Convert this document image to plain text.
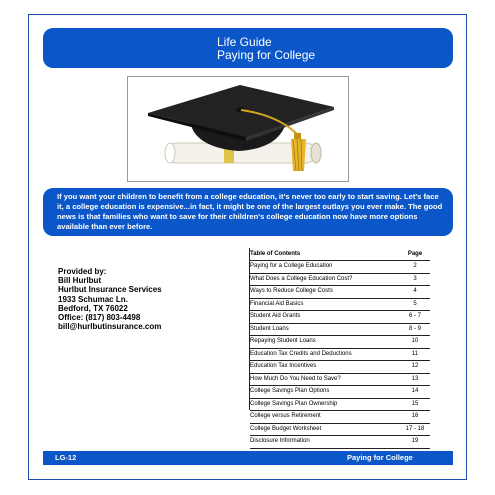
Life Guide
Paying for College
If you want your children to benefit from a college education, it's never too early to start saving. Let's face it, a college education is expensive...in fact, it might be one of the largest outlays you ever make. The good news is that families who want to save for their children's college education now have more options available than ever before.
Provided by:
Bill Hurlbut
Hurlbut Insurance Services
1933 Schumac Ln.
Bedford, TX 76022
Office: (817) 803-4498
bill@hurlbutinsurance.com
Table of Contents	Page
Paying for a College Education	2
What Does a College Education Cost?	3
Ways to Reduce College Costs	4
Financial Aid Basics	5
Student Aid Grants	6 - 7
Student Loans	8 - 9
Repaying Student Loans	10
Education Tax Credits and Deductions	11
Education Tax Incentives	12
How Much Do You Need to Save?	13
College Savings Plan Options	14
College Savings Plan Ownership	15
College versus Retirement	16
College Budget Worksheet	17 - 18
Disclosure Information	19
LG-12	Paying for College
